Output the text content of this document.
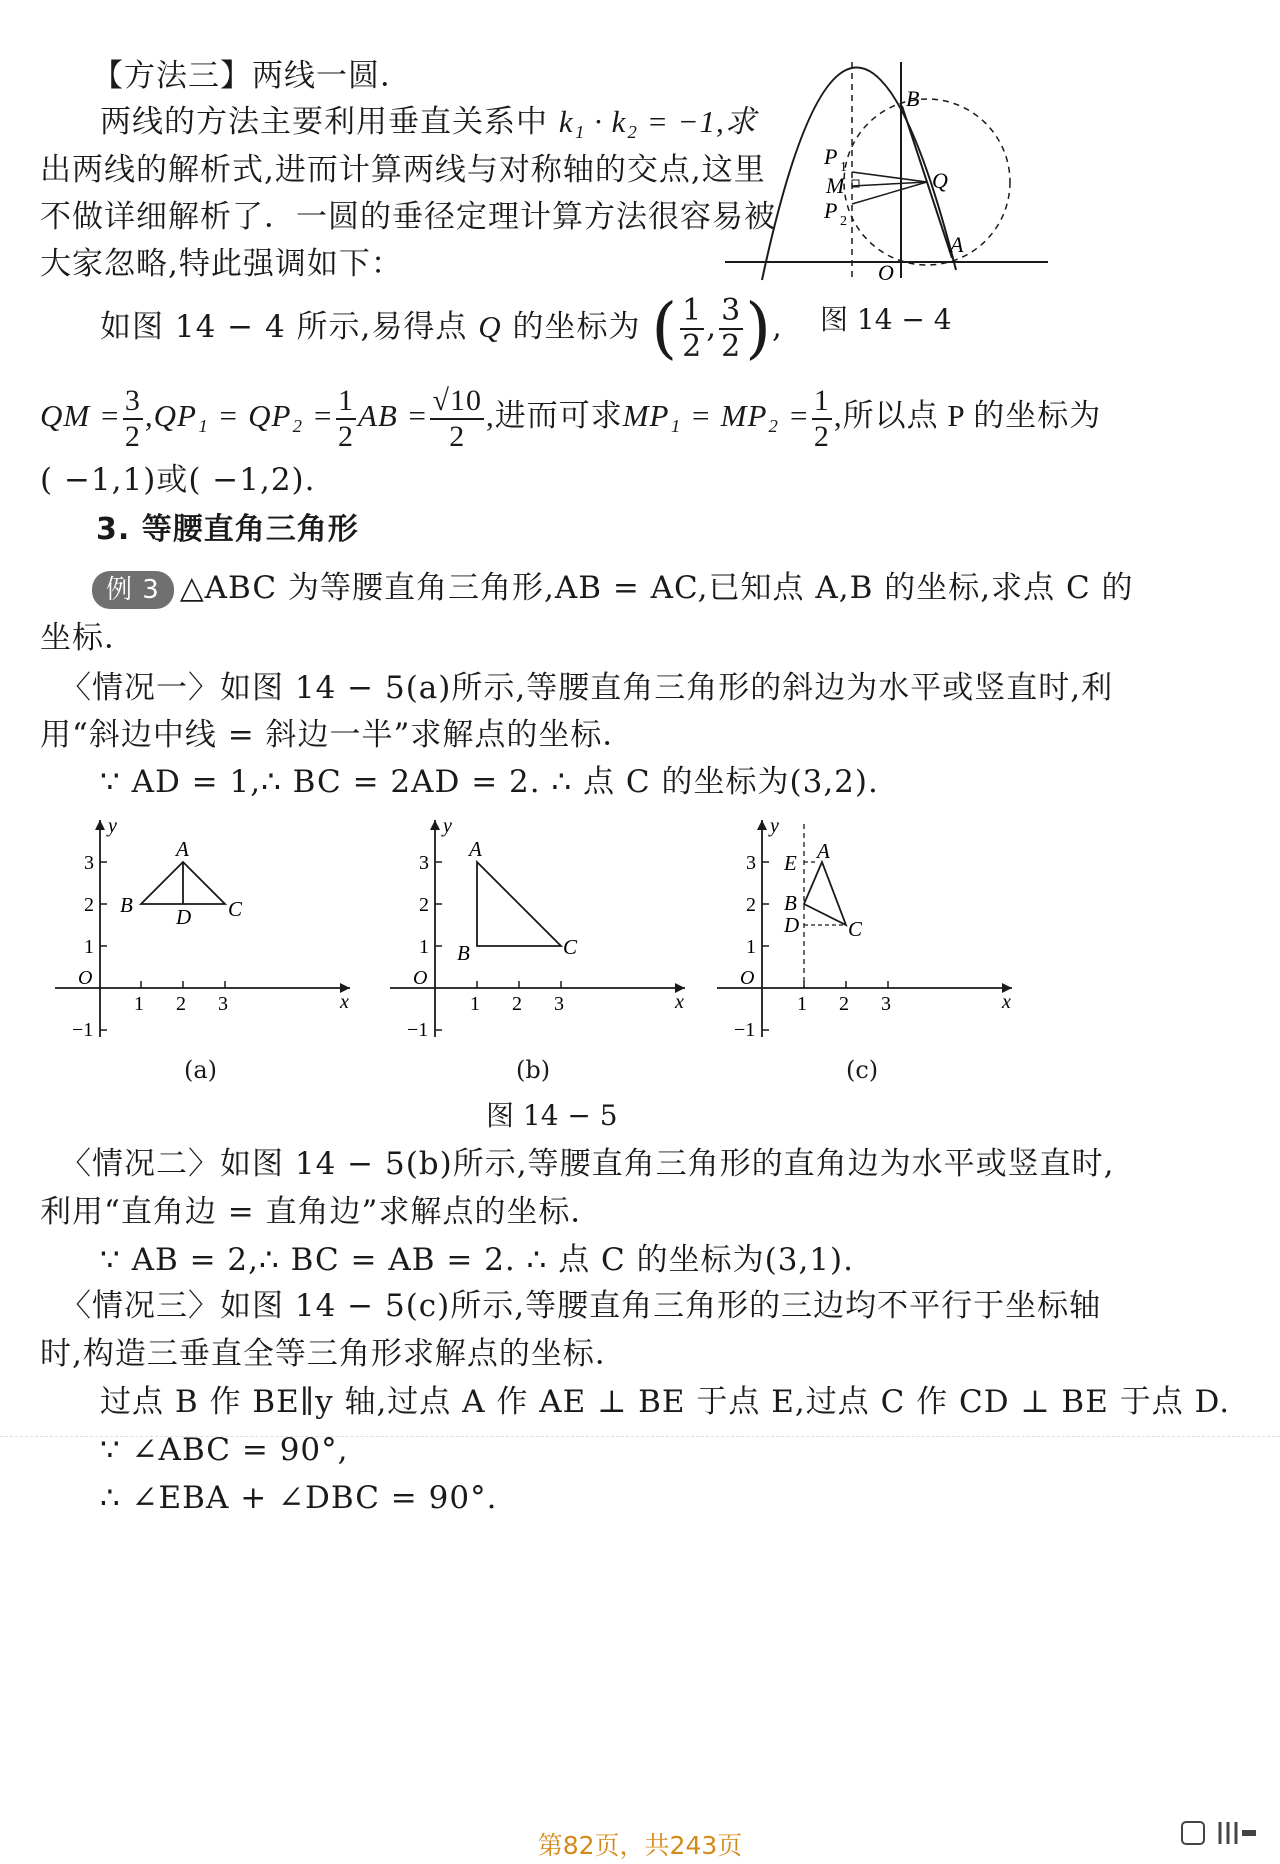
【方法三】两线一圆．
两线的方法主要利用垂直关系中 k₁ · k₂ = −1,求
出两线的解析式,进而计算两线与对称轴的交点,这里
不做详细解析了．一圆的垂径定理计算方法很容易被
大家忽略,特此强调如下：
如图 14 − 4 所示,易得点 Q 的坐标为 ( $\frac{1}{2}$ , $\frac{3}{2}$ ),
QM = $\frac{3}{2} ,QP_1 = QP_2 = \frac{1}{2}$ AB = $\frac{√10}{2}$ ,进而可求$MP_1 = MP_2 = \frac{1}{2}$ ,所以点 P 的坐标为
( −1,1)或( −1,2).
B
P 1
M	Q
P 2
A
O
图 14 − 4
3. 等腰直角三角形
例 3 △ABC 为等腰直角三角形,AB = AC,已知点 A,B 的坐标,求点 C 的
坐标．
〈情况一〉如图 14 − 5(a)所示,等腰直角三角形的斜边为水平或竖直时,利
用“斜边中线 = 斜边一半”求解点的坐标．
∵ AD = 1,∴ BC = 2AD = 2. ∴ 点 C 的坐标为(3,2).
y
x
O
1 2 3
3
2
1
−1
A
B D C
(a)
y
x
O
1 2 3
3
2
1
−1
A
B	C
(b)
y
x
O
1 2 3
3
2
1
−1
A
E
B
D C
(c)
图 14 − 5
〈情况二〉如图 14 − 5(b)所示,等腰直角三角形的直角边为水平或竖直时,
利用“直角边 = 直角边”求解点的坐标．
∵ AB = 2,∴ BC = AB = 2. ∴ 点 C 的坐标为(3,1).
〈情况三〉如图 14 − 5(c)所示,等腰直角三角形的三边均不平行于坐标轴
时,构造三垂直全等三角形求解点的坐标．
过点 B 作 BE∥y 轴,过点 A 作 AE ⊥ BE 于点 E,过点 C 作 CD ⊥ BE 于点 D.
∵ ∠ABC = 90°,
∴ ∠EBA + ∠DBC = 90°.
第82页，共243页
